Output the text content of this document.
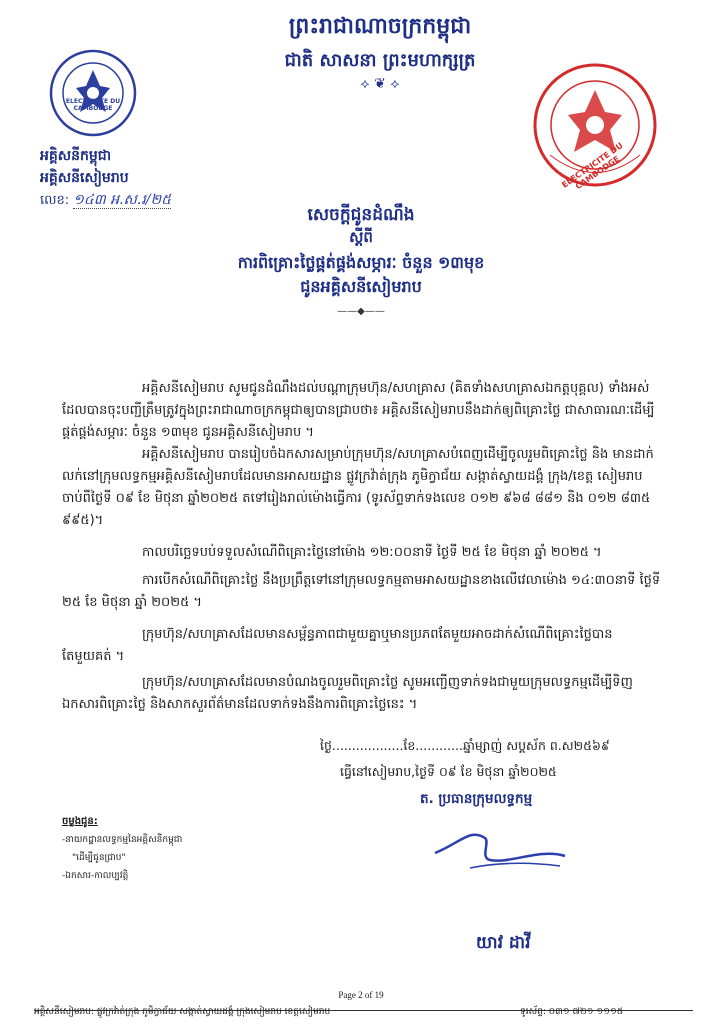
ព្រះរាជាណាចក្រកម្ពុជា
ជាតិ សាសនា ព្រះមហាក្សត្រ
⟡ ❦ ⟡
ELECTRICITE DU CAMBODGE
អគ្គិសនីកម្ពុជា
អគ្គិសនីសៀមរាប
លេខ: ១៤៣ អ.ស.រ/២៥
ELECTRICITE DU CAMBODGE
សេចក្តីជូនដំណឹង
ស្តីពី
ការពិគ្រោះថ្លៃផ្គត់ផ្គង់សម្ភារៈ ចំនួន ១៣មុខ
ជូនអគ្គិសនីសៀមរាប
——◆——
អគ្គិសនីសៀមរាប សូមជូនដំណឹងដល់បណ្តាក្រុមហ៊ុន/សហគ្រាស (គិតទាំងសហគ្រាសឯកត្តបុគ្គល) ទាំងអស់ ដែលបានចុះបញ្ជីត្រឹមត្រូវក្នុងព្រះរាជាណាចក្រកម្ពុជាឲ្យបានជ្រាបថា៖ អគ្គិសនីសៀមរាបនឹងដាក់ឲ្យពិគ្រោះថ្លៃ ជាសាធារណៈដើម្បីផ្គត់ផ្គង់សម្ភារៈ ចំនួន ១៣មុខ ជូនអគ្គិសនីសៀមរាប ។
អគ្គិសនីសៀមរាប បានរៀបចំឯកសារសម្រាប់ក្រុមហ៊ុន/សហគ្រាសបំពេញដើម្បីចូលរួមពិគ្រោះថ្លៃ និង មានដាក់ លក់នៅក្រុមលទ្ធកម្មអគ្គិសនីសៀមរាបដែលមានអាសយដ្ឋាន ផ្លូវក្រវ៉ាត់ក្រុង ភូមិក្វាជ័យ សង្កាត់ស្វាយដង្គំ ក្រុង/ខេត្ត សៀមរាប ចាប់ពីថ្ងៃទី ០៩ ខែ មិថុនា ឆ្នាំ២០២៥ តទៅរៀងរាល់ម៉ោងធ្វើការ (ទូរស័ព្ទទាក់ទងលេខ ០១២ ៩៦៨ ៨៨១ និង ០១២ ៨៣៥ ៩៩៥)។
កាលបរិច្ឆេទបប់ទទួលសំណើពិគ្រោះថ្លៃនៅម៉ោង ១២:០០នាទី ថ្ងៃទី ២៥ ខែ មិថុនា ឆ្នាំ ២០២៥ ។
ការបើកសំណើពិគ្រោះថ្លៃ នឹងប្រព្រឹត្តទៅនៅក្រុមលទ្ធកម្មតាមអាសយដ្ឋានខាងលើវេលាម៉ោង ១៤:៣០នាទី ថ្ងៃទី ២៥ ខែ មិថុនា ឆ្នាំ ២០២៥ ។
ក្រុមហ៊ុន/សហគ្រាសដែលមានសម្ព័ន្ធភាពជាមួយគ្នាឬមានប្រភពតែមួយអាចដាក់សំណើពិគ្រោះថ្លៃបាន តែមួយគត់ ។
ក្រុមហ៊ុន/សហគ្រាសដែលមានបំណងចូលរួមពិគ្រោះថ្លៃ សូមអញ្ជើញទាក់ទងជាមួយក្រុមលទ្ធកម្មដើម្បីទិញ ឯកសារពិគ្រោះថ្លៃ និងសាកសួរព័ត៌មានដែលទាក់ទងនឹងការពិគ្រោះថ្លៃនេះ ។
ថ្ងៃ..................ខែ............ឆ្នាំម្សាញ់ សប្តស័ក ព.ស២៥៦៩
ធ្វើនៅសៀមរាប,ថ្ងៃទី ០៩ ខែ មិថុនា ឆ្នាំ២០២៥
ត. ប្រធានក្រុមលទ្ធកម្ម
យាវ ដាវី
ចម្លងជូន:
-នាយកដ្ឋានលទ្ធកម្មនៃអគ្គិសនីកម្ពុជា
"ដើម្បីជូនជ្រាប"
-ឯកសារ-កាលប្បវត្តិ
Page 2 of 19
អគ្គិសនីសៀមរាប: ផ្លូវក្រវ៉ាត់ក្រុង ភូមិក្វាជ័យ សង្កាត់ស្វាយដង្គំ ក្រុងសៀមរាប ខេត្តសៀមរាប	ទូរស័ព្ទ: ០៣១ ៧២១ ១១១៥
